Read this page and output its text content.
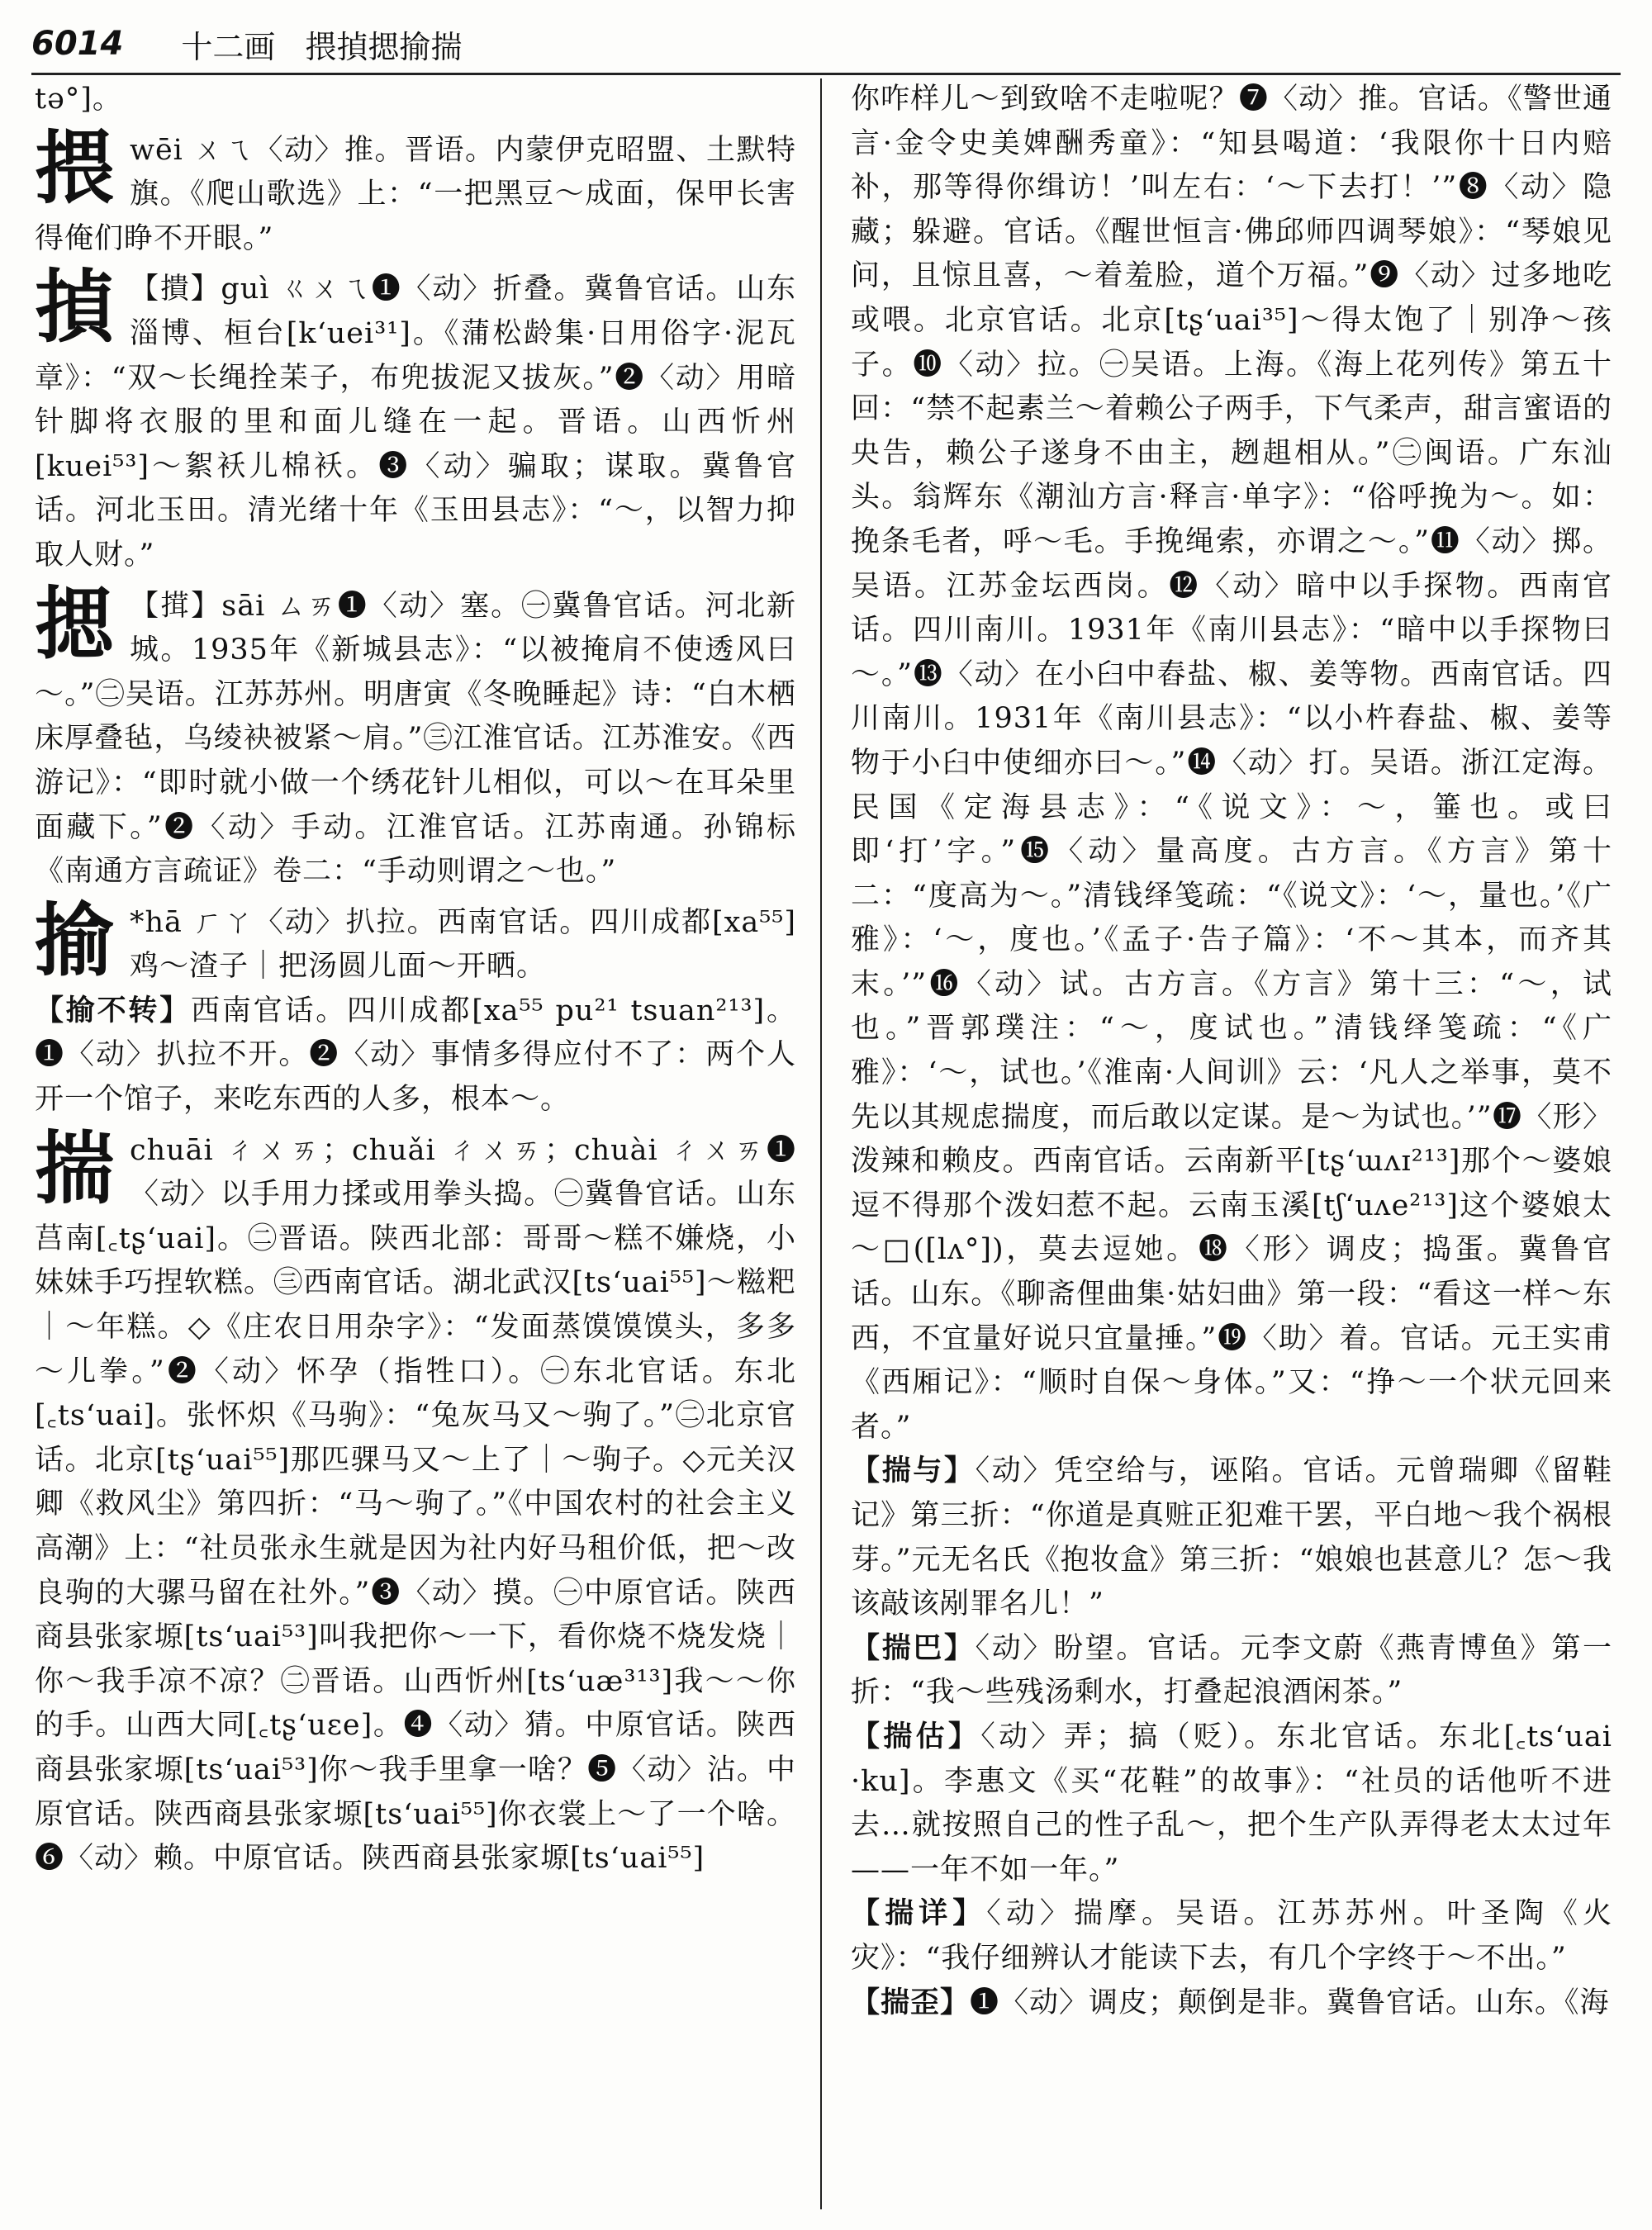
6014 十二画 揋揁揌揄揣

tə°]。

揋 wēi ㄨㄟ〈动〉推。晋语。内蒙伊克昭盟、土默特旗。《爬山歌选》上：“一把黑豆～成面，保甲长害得俺们睁不开眼。”
揁 【撌】guì ㄍㄨㄟ❶〈动〉折叠。冀鲁官话。山东淄博、桓台[k‘uei³¹]。《蒲松龄集·日用俗字·泥瓦章》：“双～长绳拴苿子，布兜拔泥又拔灰。”❷〈动〉用暗针脚将衣服的里和面儿缝在一起。晋语。山西忻州[kuei⁵³]～絮袄儿棉袄。❸〈动〉骗取；谋取。冀鲁官话。河北玉田。清光绪十年《玉田县志》：“～，以智力抑取人财。”
揌 【搑】sāi ㄙㄞ❶〈动〉塞。㊀冀鲁官话。河北新城。1935年《新城县志》：“以被掩肩不使透风曰～。”㊁吴语。江苏苏州。明唐寅《冬晚睡起》诗：“白木栖床厚叠毡，乌绫袂被紧～肩。”㊂江淮官话。江苏淮安。《西游记》：“即时就小做一个绣花针儿相似，可以～在耳朵里面藏下。”❷〈动〉手动。江淮官话。江苏南通。孙锦标《南通方言疏证》卷二：“手动则谓之～也。”
揄 *hā ㄏㄚ〈动〉扒拉。西南官话。四川成都[xa⁵⁵]鸡～渣子｜把汤圆儿面～开晒。

【揄不转】西南官话。四川成都[xa⁵⁵ pu²¹ tsuan²¹³]。❶〈动〉扒拉不开。❷〈动〉事情多得应付不了：两个人开一个馆子，来吃东西的人多，根本～。

揣 chuāi ㄔㄨㄞ；chuǎi ㄔㄨㄞ；chuài ㄔㄨㄞ❶〈动〉以手用力揉或用拳头捣。㊀冀鲁官话。山东莒南[꜀tʂ‘uai]。㊁晋语。陕西北部：哥哥～糕不嫌烧，小妹妹手巧捏软糕。㊂西南官话。湖北武汉[ts‘uai⁵⁵]～糍粑｜～年糕。◇《庄农日用杂字》：“发面蒸馍馍馍头，多多～儿拳。”❷〈动〉怀孕（指牲口）。㊀东北官话。东北[꜀ts‘uai]。张怀炽《马驹》：“兔灰马又～驹了。”㊁北京官话。北京[tʂ‘uai⁵⁵]那匹骒马又～上了｜～驹子。◇元关汉卿《救风尘》第四折：“马～驹了。”《中国农村的社会主义高潮》上：“社员张永生就是因为社内好马租价低，把～改良驹的大骡马留在社外。”❸〈动〉摸。㊀中原官话。陕西商县张家塬[ts‘uai⁵³]叫我把你～一下，看你烧不烧发烧｜你～我手凉不凉？㊁晋语。山西忻州[ts‘uæ³¹³]我～～你的手。山西大同[꜀tʂ‘uεe]。❹〈动〉猜。中原官话。陕西商县张家塬[ts‘uai⁵³]你～我手里拿一啥？❺〈动〉沾。中原官话。陕西商县张家塬[ts‘uai⁵⁵]你衣裳上～了一个啥。❻〈动〉赖。中原官话。陕西商县张家塬[ts‘uai⁵⁵]

你咋样儿～到致啥不走啦呢？❼〈动〉推。官话。《警世通言·金令史美婢酬秀童》：“知县喝道：‘我限你十日内赔补，那等得你缉访！’叫左右：‘～下去打！’”❽〈动〉隐藏；躲避。官话。《醒世恒言·佛邱师四调琴娘》：“琴娘见问，且惊且喜，～着羞脸，道个万福。”❾〈动〉过多地吃或喂。北京官话。北京[tʂ‘uai³⁵]～得太饱了｜别净～孩子。❿〈动〉拉。㊀吴语。上海。《海上花列传》第五十回：“禁不起素兰～着赖公子两手，下气柔声，甜言蜜语的央告，赖公子遂身不由主，趔趄相从。”㊁闽语。广东汕头。翁辉东《潮汕方言·释言·单字》：“俗呼挽为～。如：挽条毛者，呼～毛。手挽绳索，亦谓之～。”⓫〈动〉掷。吴语。江苏金坛西岗。⓬〈动〉暗中以手探物。西南官话。四川南川。1931年《南川县志》：“暗中以手探物曰～。”⓭〈动〉在小臼中舂盐、椒、姜等物。西南官话。四川南川。1931年《南川县志》：“以小杵舂盐、椒、姜等物于小臼中使细亦曰～。”⓮〈动〉打。吴语。浙江定海。民国《定海县志》：“《说文》：～，箠也。或曰即‘打’字。”⓯〈动〉量高度。古方言。《方言》第十二：“度高为～。”清钱绎笺疏：“《说文》：‘～，量也。’《广雅》：‘～，度也。’《孟子·告子篇》：‘不～其本，而齐其末。’”⓰〈动〉试。古方言。《方言》第十三：“～，试也。”晋郭璞注：“～，度试也。”清钱绎笺疏：“《广雅》：‘～，试也。’《淮南·人间训》云：‘凡人之举事，莫不先以其规虑揣度，而后敢以定谋。是～为试也。’”⓱〈形〉泼辣和赖皮。西南官话。云南新平[tʂ‘ɯʌɪ²¹³]那个～婆娘逗不得那个泼妇惹不起。云南玉溪[tʃ‘uʌe²¹³]这个婆娘太～□([lʌ°])，莫去逗她。⓲〈形〉调皮；捣蛋。冀鲁官话。山东。《聊斋俚曲集·姑妇曲》第一段：“看这一样～东西，不宜量好说只宜量捶。”⓳〈助〉着。官话。元王实甫《西厢记》：“顺时自保～身体。”又：“挣～一个状元回来者。”

【揣与】〈动〉凭空给与，诬陷。官话。元曾瑞卿《留鞋记》第三折：“你道是真赃正犯难干罢，平白地～我个祸根芽。”元无名氏《抱妆盒》第三折：“娘娘也甚意儿？怎～我该敲该剐罪名儿！”

【揣巴】〈动〉盼望。官话。元李文蔚《燕青博鱼》第一折：“我～些残汤剩水，打叠起浪酒闲茶。”

【揣估】〈动〉弄；搞（贬）。东北官话。东北[꜀ts‘uai ·ku]。李惠文《买“花鞋”的故事》：“社员的话他听不进去…就按照自己的性子乱～，把个生产队弄得老太太过年——一年不如一年。”

【揣详】〈动〉揣摩。吴语。江苏苏州。叶圣陶《火灾》：“我仔细辨认才能读下去，有几个字终于～不出。”

【揣歪】❶〈动〉调皮；颠倒是非。冀鲁官话。山东。《海
